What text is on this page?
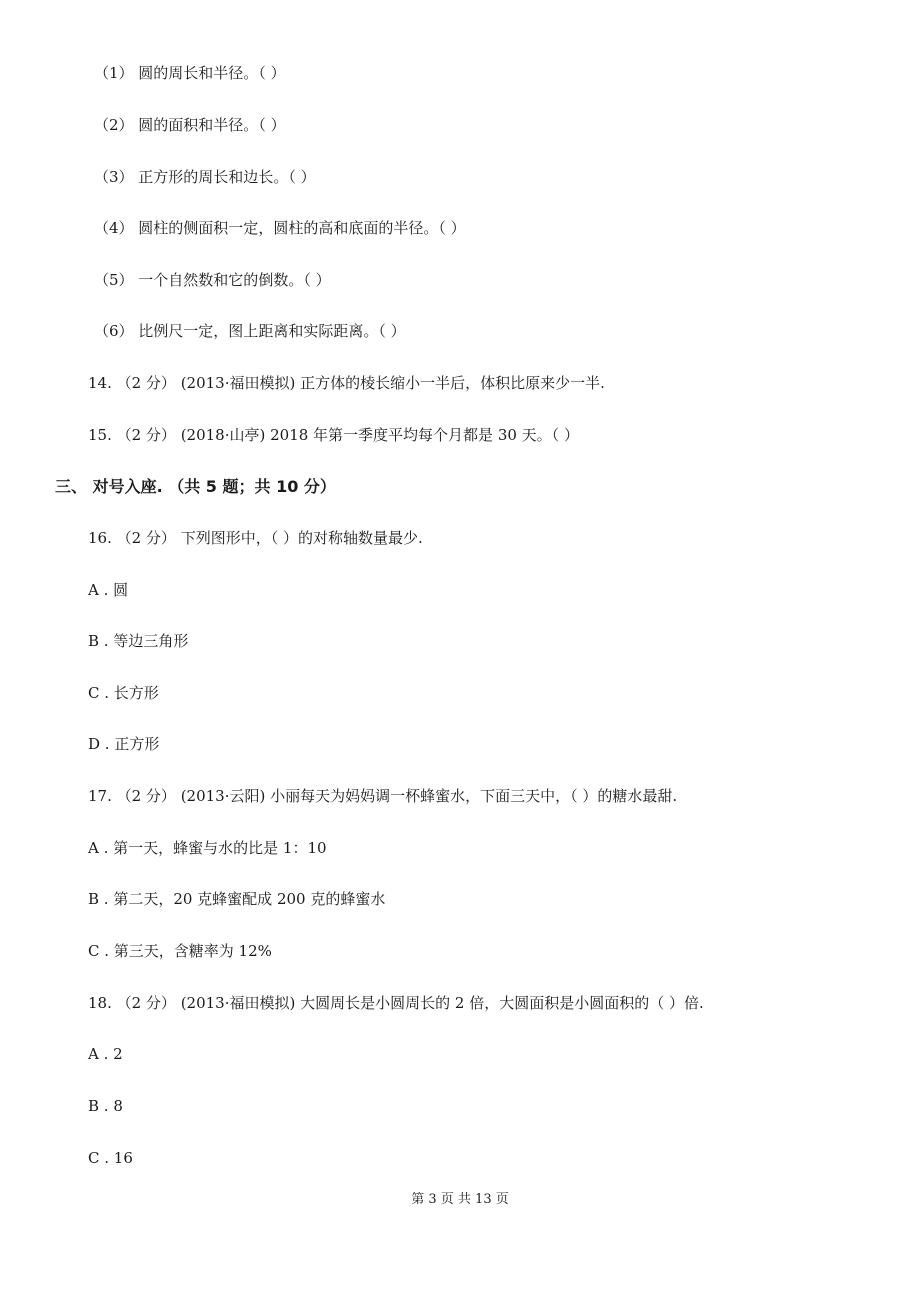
（1） 圆的周长和半径。（ ）
（2） 圆的面积和半径。（ ）
（3） 正方形的周长和边长。（ ）
（4） 圆柱的侧面积一定，圆柱的高和底面的半径。（ ）
（5） 一个自然数和它的倒数。（ ）
（6） 比例尺一定，图上距离和实际距离。（ ）
14. （2 分） (2013·福田模拟) 正方体的棱长缩小一半后，体积比原来少一半.
15. （2 分） (2018·山亭) 2018 年第一季度平均每个月都是 30 天。（ ）
三、 对号入座. （共 5 题；共 10 分）
16. （2 分） 下列图形中，（ ）的对称轴数量最少.
A . 圆
B . 等边三角形
C . 长方形
D . 正方形
17. （2 分） (2013·云阳) 小丽每天为妈妈调一杯蜂蜜水，下面三天中，（ ）的糖水最甜.
A . 第一天，蜂蜜与水的比是 1：10
B . 第二天，20 克蜂蜜配成 200 克的蜂蜜水
C . 第三天，含糖率为 12%
18. （2 分） (2013·福田模拟) 大圆周长是小圆周长的 2 倍，大圆面积是小圆面积的（ ）倍.
A . 2
B . 8
C . 16
第 3 页 共 13 页
